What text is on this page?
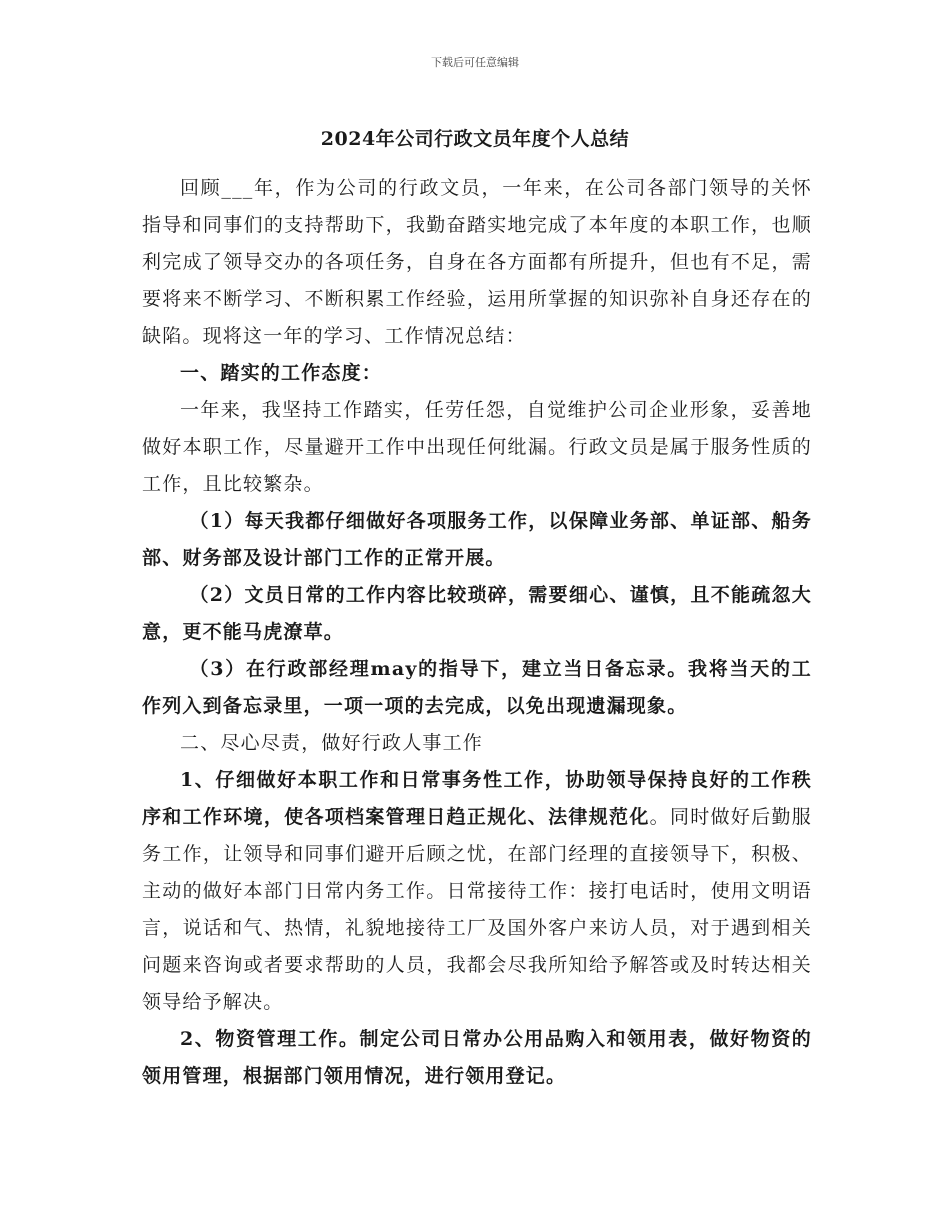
下载后可任意编辑
2024年公司行政文员年度个人总结

回顾___年，作为公司的行政文员，一年来，在公司各部门领导的关怀指导和同事们的支持帮助下，我勤奋踏实地完成了本年度的本职工作，也顺利完成了领导交办的各项任务，自身在各方面都有所提升，但也有不足，需要将来不断学习、不断积累工作经验，运用所掌握的知识弥补自身还存在的缺陷。现将这一年的学习、工作情况总结：

一、踏实的工作态度：

一年来，我坚持工作踏实，任劳任怨，自觉维护公司企业形象，妥善地做好本职工作，尽量避开工作中出现任何纰漏。行政文员是属于服务性质的工作，且比较繁杂。

（1）每天我都仔细做好各项服务工作，以保障业务部、单证部、船务部、财务部及设计部门工作的正常开展。

（2）文员日常的工作内容比较琐碎，需要细心、谨慎，且不能疏忽大意，更不能马虎潦草。

（3）在行政部经理may的指导下，建立当日备忘录。我将当天的工作列入到备忘录里，一项一项的去完成，以免出现遗漏现象。

二、尽心尽责，做好行政人事工作

1、仔细做好本职工作和日常事务性工作，协助领导保持良好的工作秩序和工作环境，使各项档案管理日趋正规化、法律规范化。同时做好后勤服务工作，让领导和同事们避开后顾之忧，在部门经理的直接领导下，积极、主动的做好本部门日常内务工作。日常接待工作：接打电话时，使用文明语言，说话和气、热情，礼貌地接待工厂及国外客户来访人员，对于遇到相关问题来咨询或者要求帮助的人员，我都会尽我所知给予解答或及时转达相关领导给予解决。

2、物资管理工作。制定公司日常办公用品购入和领用表，做好物资的领用管理，根据部门领用情况，进行领用登记。
